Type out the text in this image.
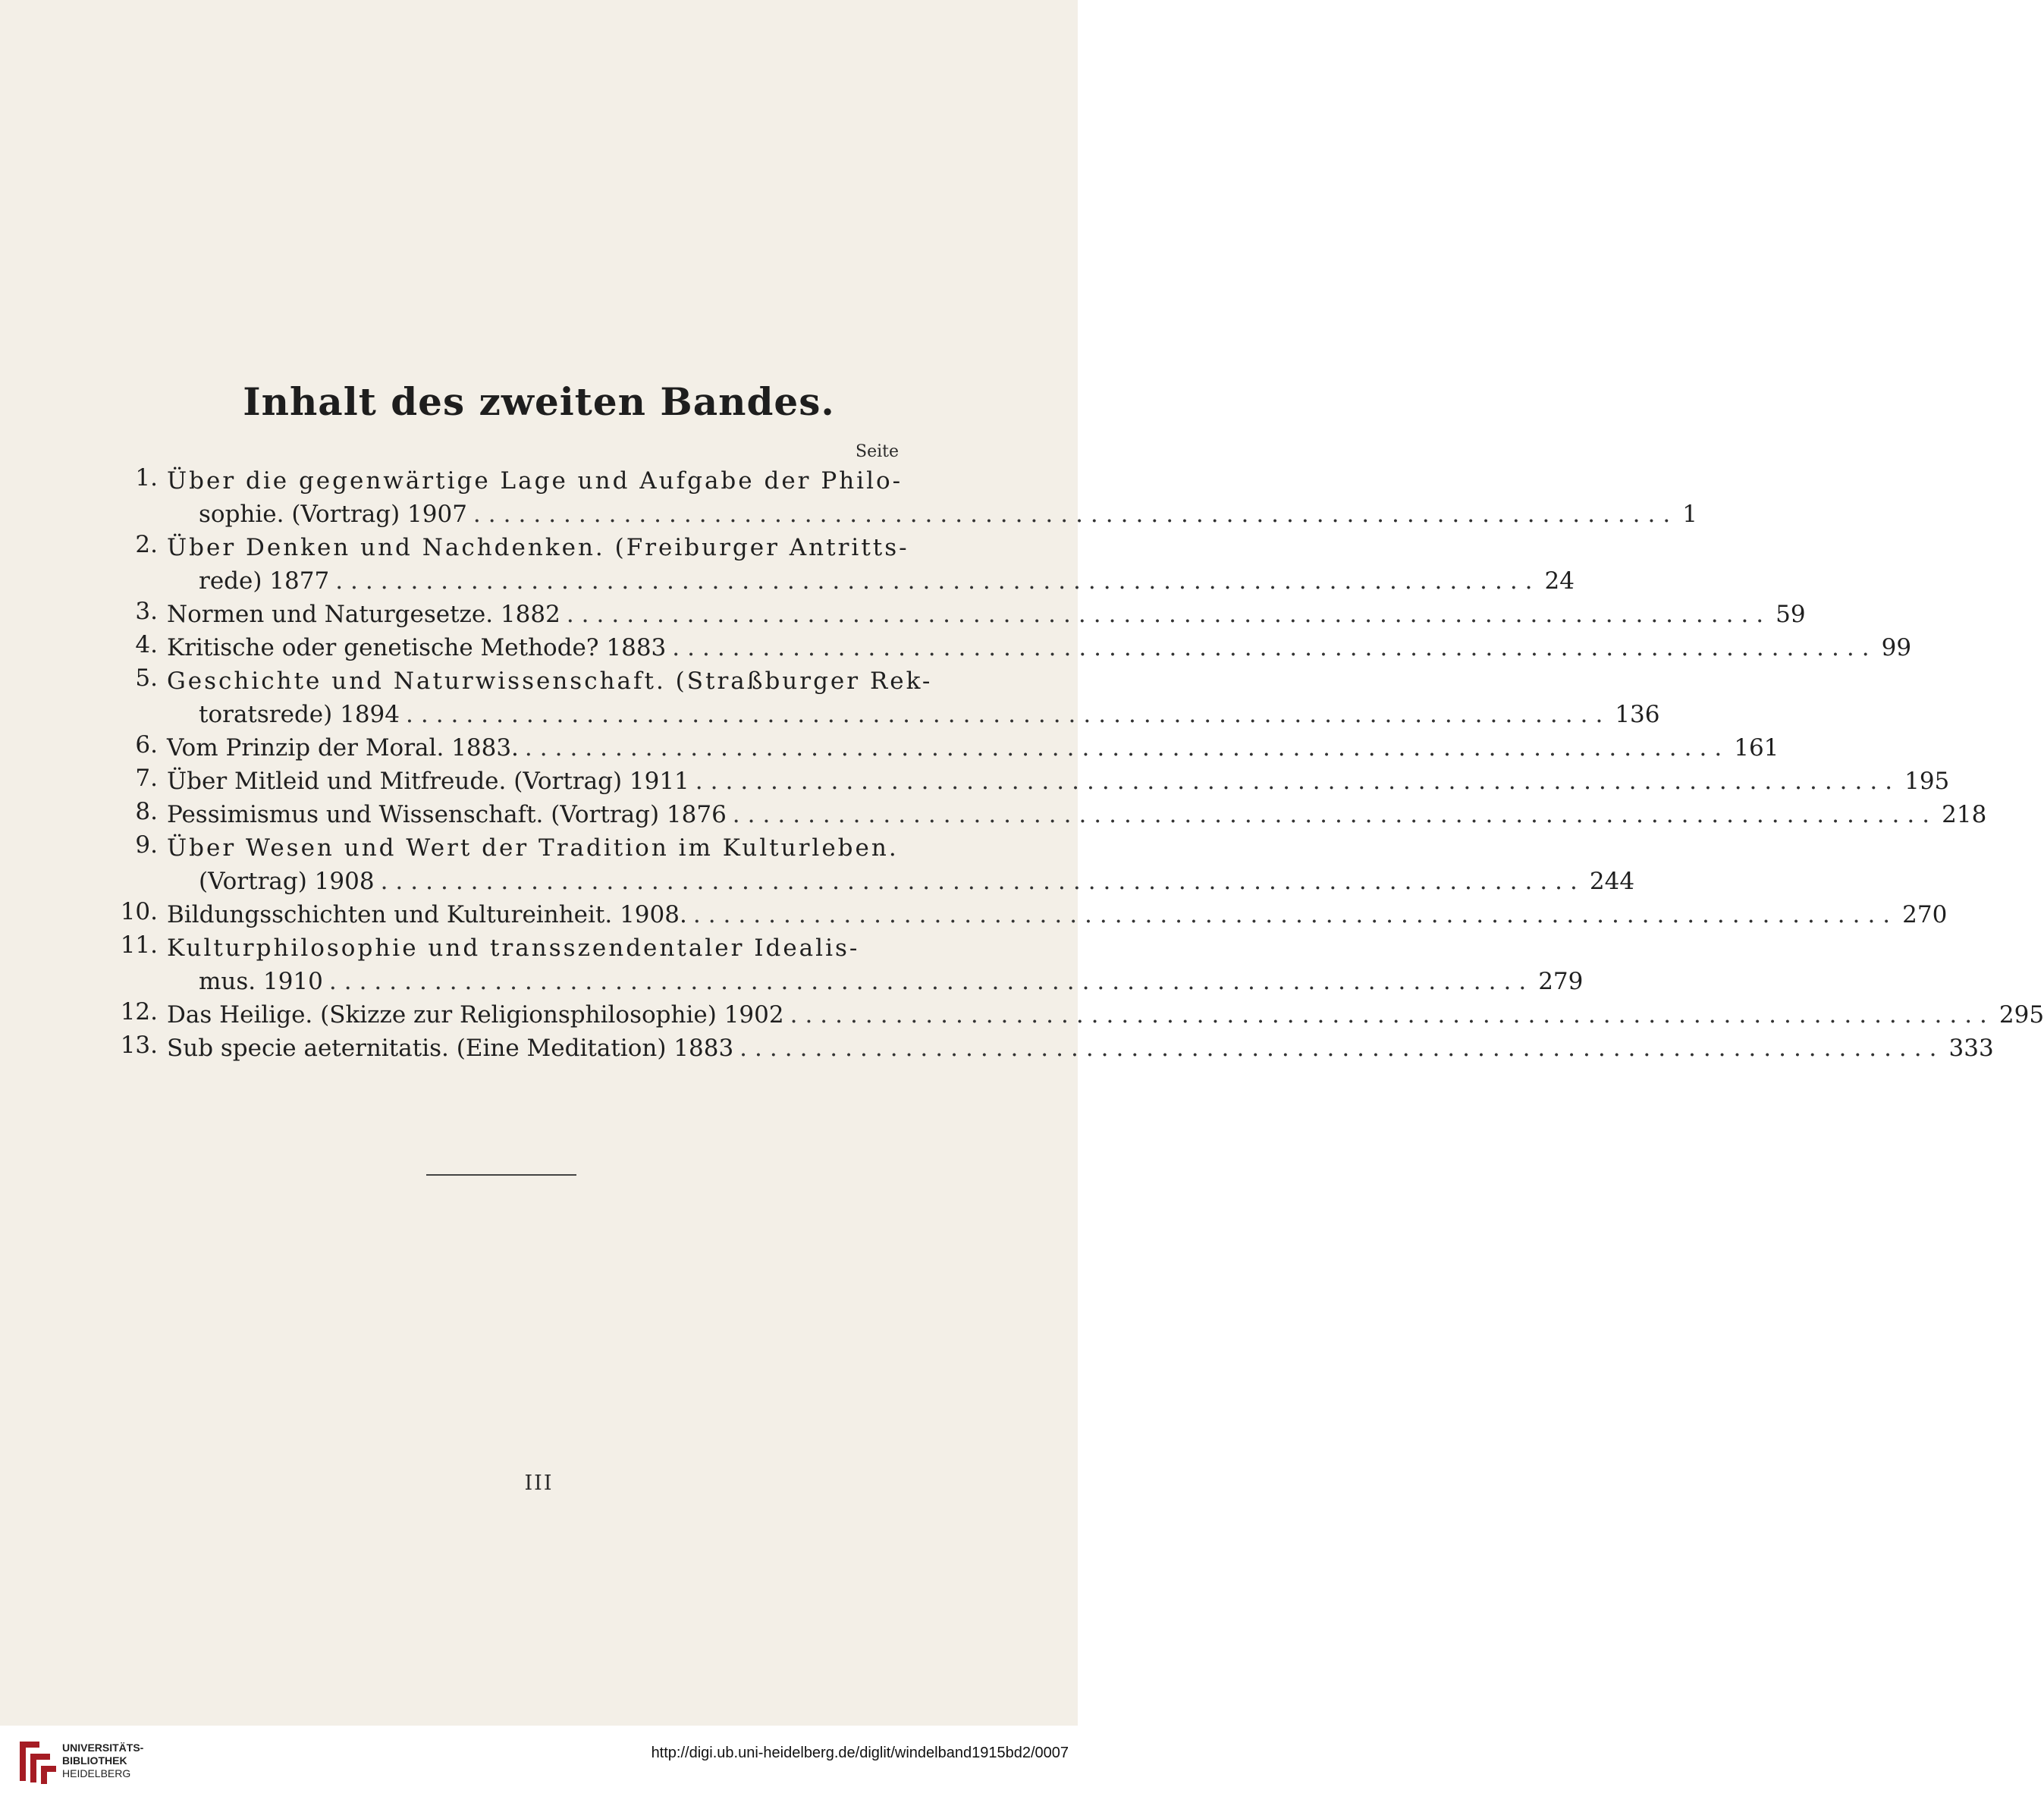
Inhalt des zweiten Bandes.
Seite
1. Über die gegenwärtige Lage und Aufgabe der Philo-
sophie. (Vortrag) 1907 ................................................................................ 1
2. Über Denken und Nachdenken. (Freiburger Antritts-
rede) 1877 ................................................................................ 24
3. Normen und Naturgesetze. 1882 ................................................................................ 59
4. Kritische oder genetische Methode? 1883 ................................................................................ 99
5. Geschichte und Naturwissenschaft. (Straßburger Rek-
toratsrede) 1894 ................................................................................ 136
6. Vom Prinzip der Moral. 1883. ................................................................................ 161
7. Über Mitleid und Mitfreude. (Vortrag) 1911 ................................................................................ 195
8. Pessimismus und Wissenschaft. (Vortrag) 1876 ................................................................................ 218
9. Über Wesen und Wert der Tradition im Kulturleben.
(Vortrag) 1908 ................................................................................ 244
10. Bildungsschichten und Kultureinheit. 1908. ................................................................................ 270
11. Kulturphilosophie und transszendentaler Idealis-
mus. 1910 ................................................................................ 279
12. Das Heilige. (Skizze zur Religionsphilosophie) 1902 ................................................................................ 295
13. Sub specie aeternitatis. (Eine Meditation) 1883 ................................................................................ 333
III
UNIVERSITÄTS-
BIBLIOTHEK
HEIDELBERG
http://digi.ub.uni-heidelberg.de/diglit/windelband1915bd2/0007
